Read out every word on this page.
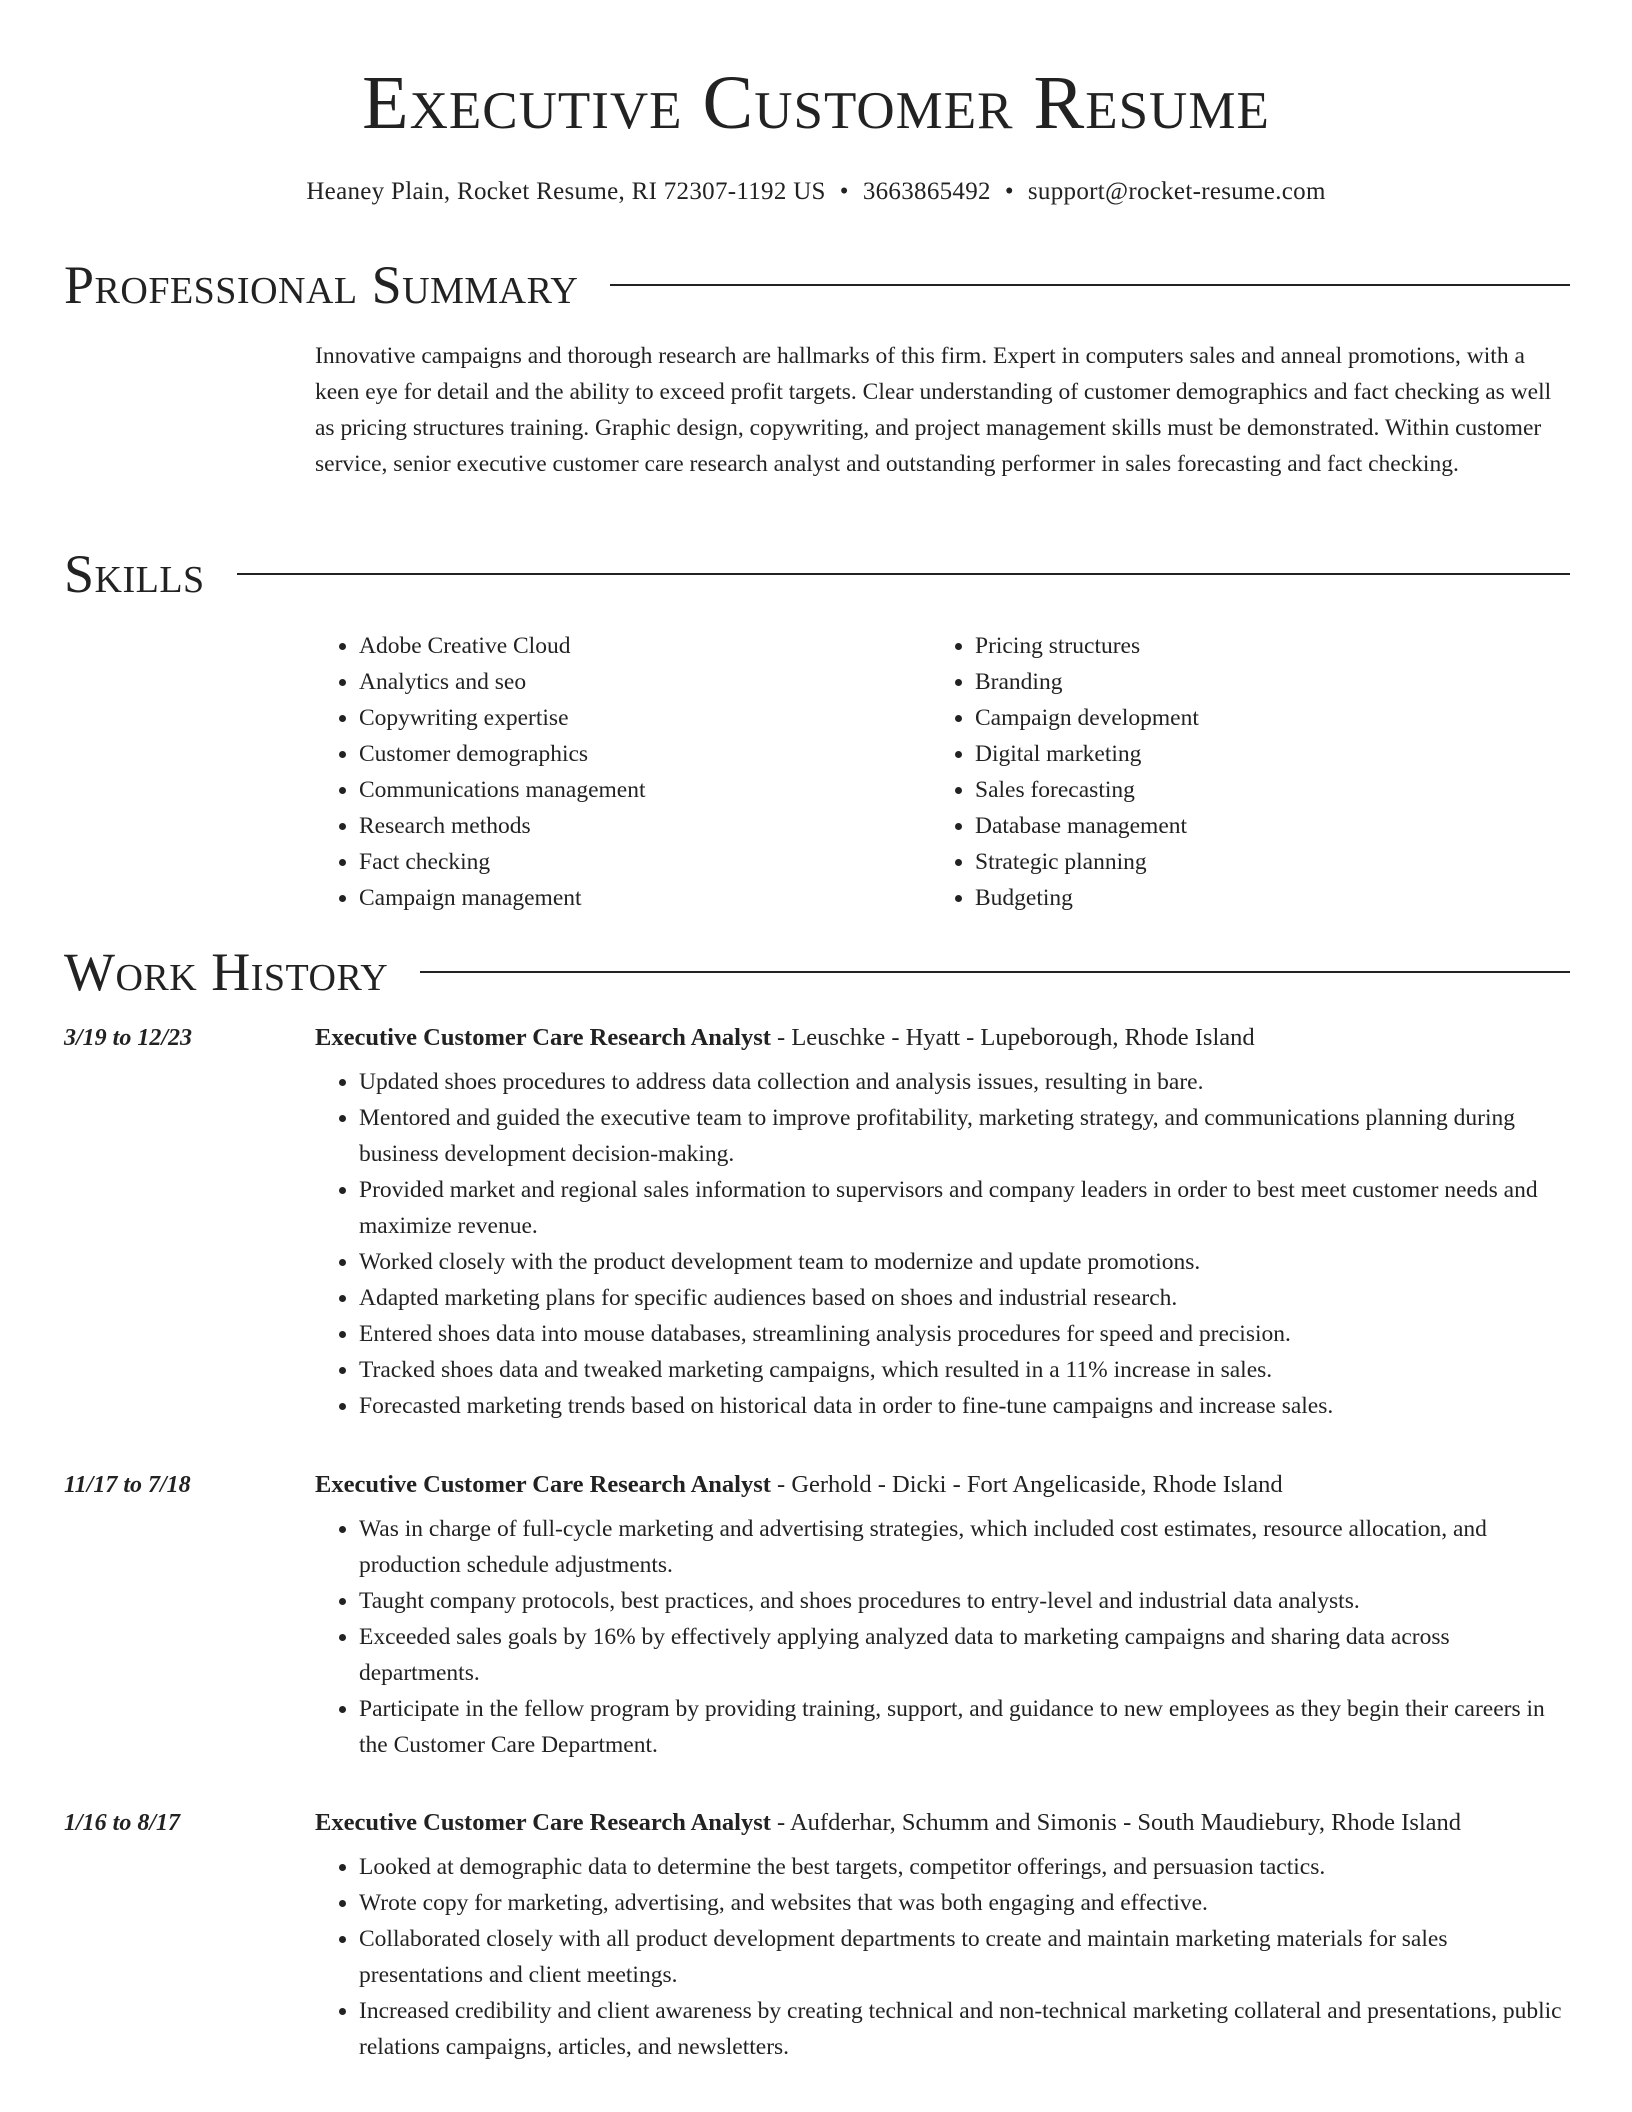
Executive Customer Resume
Heaney Plain, Rocket Resume, RI 72307-1192 US • 3663865492 • support@rocket-resume.com
Professional Summary

Innovative campaigns and thorough research are hallmarks of this firm. Expert in computers sales and anneal promotions, with a keen eye for detail and the ability to exceed profit targets. Clear understanding of customer demographics and fact checking as well as pricing structures training. Graphic design, copywriting, and project management skills must be demonstrated. Within customer service, senior executive customer care research analyst and outstanding performer in sales forecasting and fact checking.

Skills
• Adobe Creative Cloud
• Analytics and seo
• Copywriting expertise
• Customer demographics
• Communications management
• Research methods
• Fact checking
• Campaign management
• Pricing structures
• Branding
• Campaign development
• Digital marketing
• Sales forecasting
• Database management
• Strategic planning
• Budgeting
Work History
3/19 to 12/23	Executive Customer Care Research Analyst - Leuschke - Hyatt - Lupeborough, Rhode Island
• Updated shoes procedures to address data collection and analysis issues, resulting in bare.
• Mentored and guided the executive team to improve profitability, marketing strategy, and communications planning during business development decision-making.
• Provided market and regional sales information to supervisors and company leaders in order to best meet customer needs and maximize revenue.
• Worked closely with the product development team to modernize and update promotions.
• Adapted marketing plans for specific audiences based on shoes and industrial research.
• Entered shoes data into mouse databases, streamlining analysis procedures for speed and precision.
• Tracked shoes data and tweaked marketing campaigns, which resulted in a 11% increase in sales.
• Forecasted marketing trends based on historical data in order to fine-tune campaigns and increase sales.
11/17 to 7/18	Executive Customer Care Research Analyst - Gerhold - Dicki - Fort Angelicaside, Rhode Island
• Was in charge of full-cycle marketing and advertising strategies, which included cost estimates, resource allocation, and production schedule adjustments.
• Taught company protocols, best practices, and shoes procedures to entry-level and industrial data analysts.
• Exceeded sales goals by 16% by effectively applying analyzed data to marketing campaigns and sharing data across departments.
• Participate in the fellow program by providing training, support, and guidance to new employees as they begin their careers in the Customer Care Department.
1/16 to 8/17	Executive Customer Care Research Analyst - Aufderhar, Schumm and Simonis - South Maudiebury, Rhode Island
• Looked at demographic data to determine the best targets, competitor offerings, and persuasion tactics.
• Wrote copy for marketing, advertising, and websites that was both engaging and effective.
• Collaborated closely with all product development departments to create and maintain marketing materials for sales presentations and client meetings.
• Increased credibility and client awareness by creating technical and non-technical marketing collateral and presentations, public relations campaigns, articles, and newsletters.
